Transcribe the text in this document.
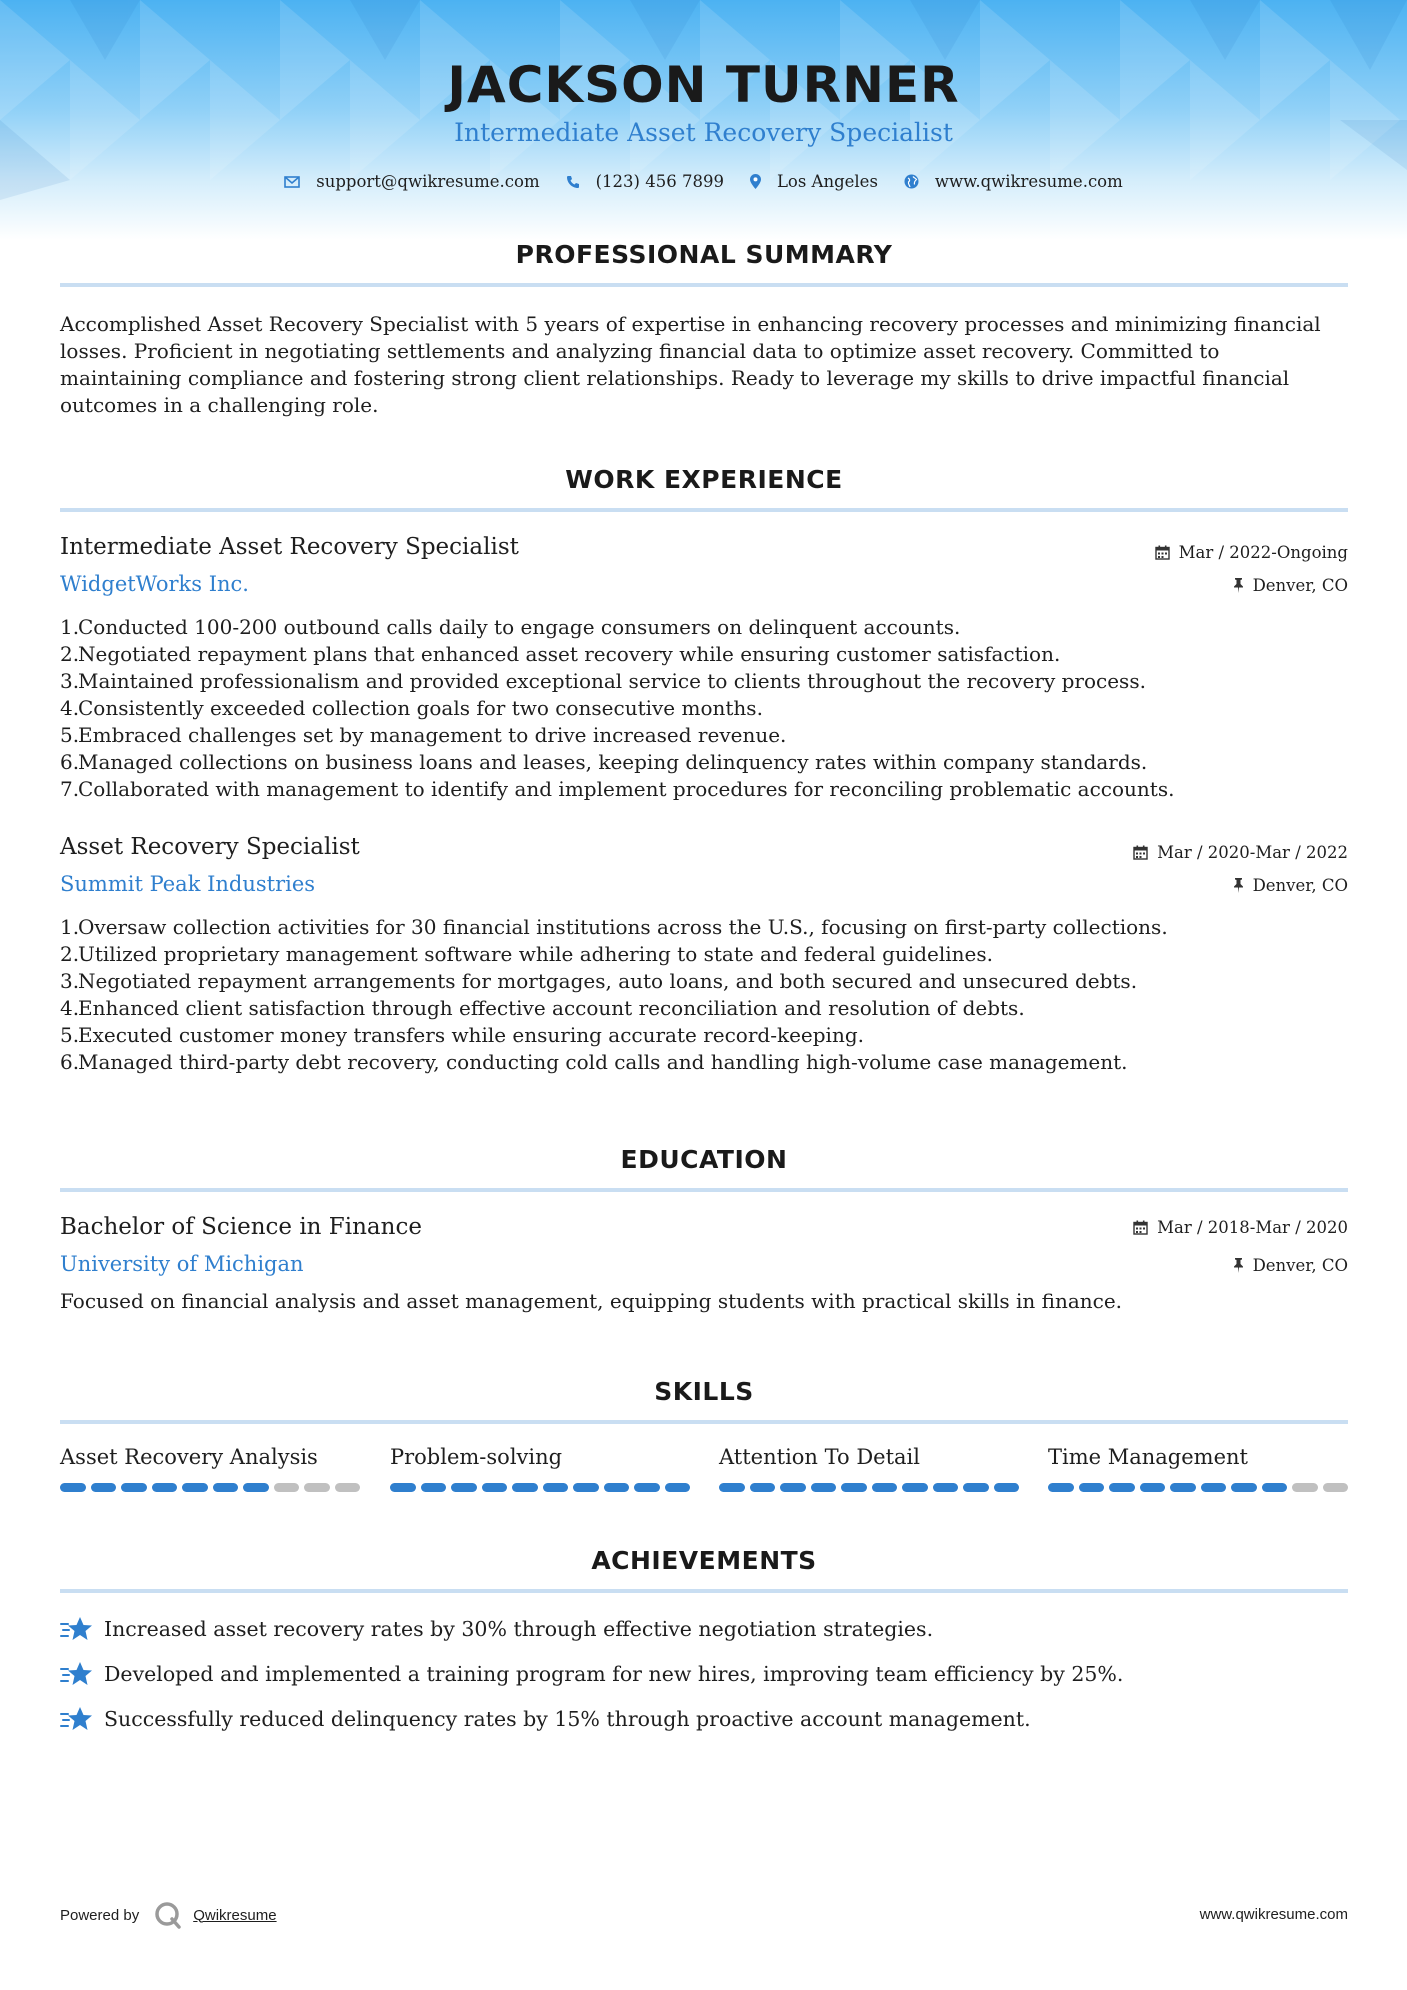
JACKSON TURNER
Intermediate Asset Recovery Specialist
support@qwikresume.com	(123) 456 7899	Los Angeles	www.qwikresume.com
PROFESSIONAL SUMMARY
Accomplished Asset Recovery Specialist with 5 years of expertise in enhancing recovery processes and minimizing financial
losses. Proficient in negotiating settlements and analyzing financial data to optimize asset recovery. Committed to
maintaining compliance and fostering strong client relationships. Ready to leverage my skills to drive impactful financial
outcomes in a challenging role.
WORK EXPERIENCE
Intermediate Asset Recovery Specialist	Mar / 2022-Ongoing
WidgetWorks Inc.	Denver, CO
1.
Conducted 100-200 outbound calls daily to engage consumers on delinquent accounts.
2.
Negotiated repayment plans that enhanced asset recovery while ensuring customer satisfaction.
3.
Maintained professionalism and provided exceptional service to clients throughout the recovery process.
4.
Consistently exceeded collection goals for two consecutive months.
5.
Embraced challenges set by management to drive increased revenue.
6.
Managed collections on business loans and leases, keeping delinquency rates within company standards.
7.
Collaborated with management to identify and implement procedures for reconciling problematic accounts.
Asset Recovery Specialist	Mar / 2020-Mar / 2022
Summit Peak Industries	Denver, CO
1.
Oversaw collection activities for 30 financial institutions across the U.S., focusing on first-party collections.
2.
Utilized proprietary management software while adhering to state and federal guidelines.
3.
Negotiated repayment arrangements for mortgages, auto loans, and both secured and unsecured debts.
4.
Enhanced client satisfaction through effective account reconciliation and resolution of debts.
5.
Executed customer money transfers while ensuring accurate record-keeping.
6.
Managed third-party debt recovery, conducting cold calls and handling high-volume case management.
EDUCATION
Bachelor of Science in Finance	Mar / 2018-Mar / 2020
University of Michigan	Denver, CO
Focused on financial analysis and asset management, equipping students with practical skills in finance.
SKILLS
Asset Recovery Analysis	Problem-solving	Attention To Detail	Time Management
ACHIEVEMENTS
Increased asset recovery rates by 30% through effective negotiation strategies.
Developed and implemented a training program for new hires, improving team efficiency by 25%.
Successfully reduced delinquency rates by 15% through proactive account management.
Powered by	Qwikresume	www.qwikresume.com
